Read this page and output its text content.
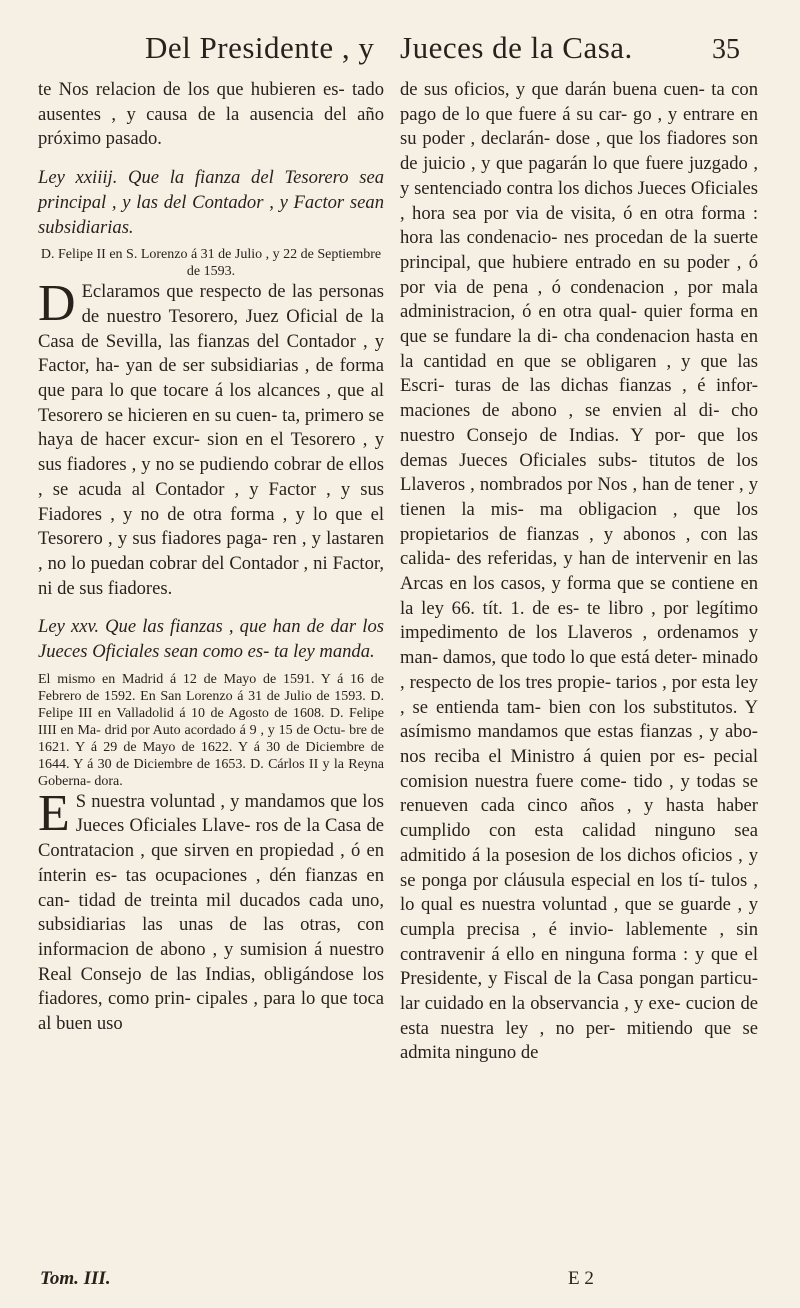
Del Presidente , y Jueces de la Casa.	35

te Nos relacion de los que hubieren es- tado ausentes , y causa de la ausencia del año próximo pasado.

Ley xxiiij. Que la fianza del Tesorero sea principal , y las del Contador , y Factor sean subsidiarias.

D. Felipe II en S. Lorenzo á 31 de Julio , y 22 de Septiembre de 1593.

D Eclaramos que respecto de las personas de nuestro Tesorero, Juez Oficial de la Casa de Sevilla, las fianzas del Contador , y Factor, ha- yan de ser subsidiarias , de forma que para lo que tocare á los alcances , que al Tesorero se hicieren en su cuen- ta, primero se haya de hacer excur- sion en el Tesorero , y sus fiadores , y no se pudiendo cobrar de ellos , se acuda al Contador , y Factor , y sus Fiadores , y no de otra forma , y lo que el Tesorero , y sus fiadores paga- ren , y lastaren , no lo puedan cobrar del Contador , ni Factor, ni de sus fiadores.

Ley xxv. Que las fianzas , que han de dar los Jueces Oficiales sean como es- ta ley manda.

El mismo en Madrid á 12 de Mayo de 1591. Y á 16 de Febrero de 1592. En San Lorenzo á 31 de Julio de 1593. D. Felipe III en Valladolid á 10 de Agosto de 1608. D. Felipe IIII en Ma- drid por Auto acordado á 9 , y 15 de Octu- bre de 1621. Y á 29 de Mayo de 1622. Y á 30 de Diciembre de 1644. Y á 30 de Diciembre de 1653. D. Cárlos II y la Reyna Goberna- dora.

E S nuestra voluntad , y mandamos que los Jueces Oficiales Llave- ros de la Casa de Contratacion , que sirven en propiedad , ó en ínterin es- tas ocupaciones , dén fianzas en can- tidad de treinta mil ducados cada uno, subsidiarias las unas de las otras, con informacion de abono , y sumision á nuestro Real Consejo de las Indias, obligándose los fiadores, como prin- cipales , para lo que toca al buen uso

de sus oficios, y que darán buena cuen- ta con pago de lo que fuere á su car- go , y entrare en su poder , declarán- dose , que los fiadores son de juicio , y que pagarán lo que fuere juzgado , y sentenciado contra los dichos Jueces Oficiales , hora sea por via de visita, ó en otra forma : hora las condenacio- nes procedan de la suerte principal, que hubiere entrado en su poder , ó por via de pena , ó condenacion , por mala administracion, ó en otra qual- quier forma en que se fundare la di- cha condenacion hasta en la cantidad en que se obligaren , y que las Escri- turas de las dichas fianzas , é infor- maciones de abono , se envien al di- cho nuestro Consejo de Indias. Y por- que los demas Jueces Oficiales subs- titutos de los Llaveros , nombrados por Nos , han de tener , y tienen la mis- ma obligacion , que los propietarios de fianzas , y abonos , con las calida- des referidas, y han de intervenir en las Arcas en los casos, y forma que se contiene en la ley 66. tít. 1. de es- te libro , por legítimo impedimento de los Llaveros , ordenamos y man- damos, que todo lo que está deter- minado , respecto de los tres propie- tarios , por esta ley , se entienda tam- bien con los substitutos. Y asímismo mandamos que estas fianzas , y abo- nos reciba el Ministro á quien por es- pecial comision nuestra fuere come- tido , y todas se renueven cada cinco años , y hasta haber cumplido con esta calidad ninguno sea admitido á la posesion de los dichos oficios , y se ponga por cláusula especial en los tí- tulos , lo qual es nuestra voluntad , que se guarde , y cumpla precisa , é invio- lablemente , sin contravenir á ello en ninguna forma : y que el Presidente, y Fiscal de la Casa pongan particu- lar cuidado en la observancia , y exe- cucion de esta nuestra ley , no per- mitiendo que se admita ninguno de

Tom. III.	E 2
